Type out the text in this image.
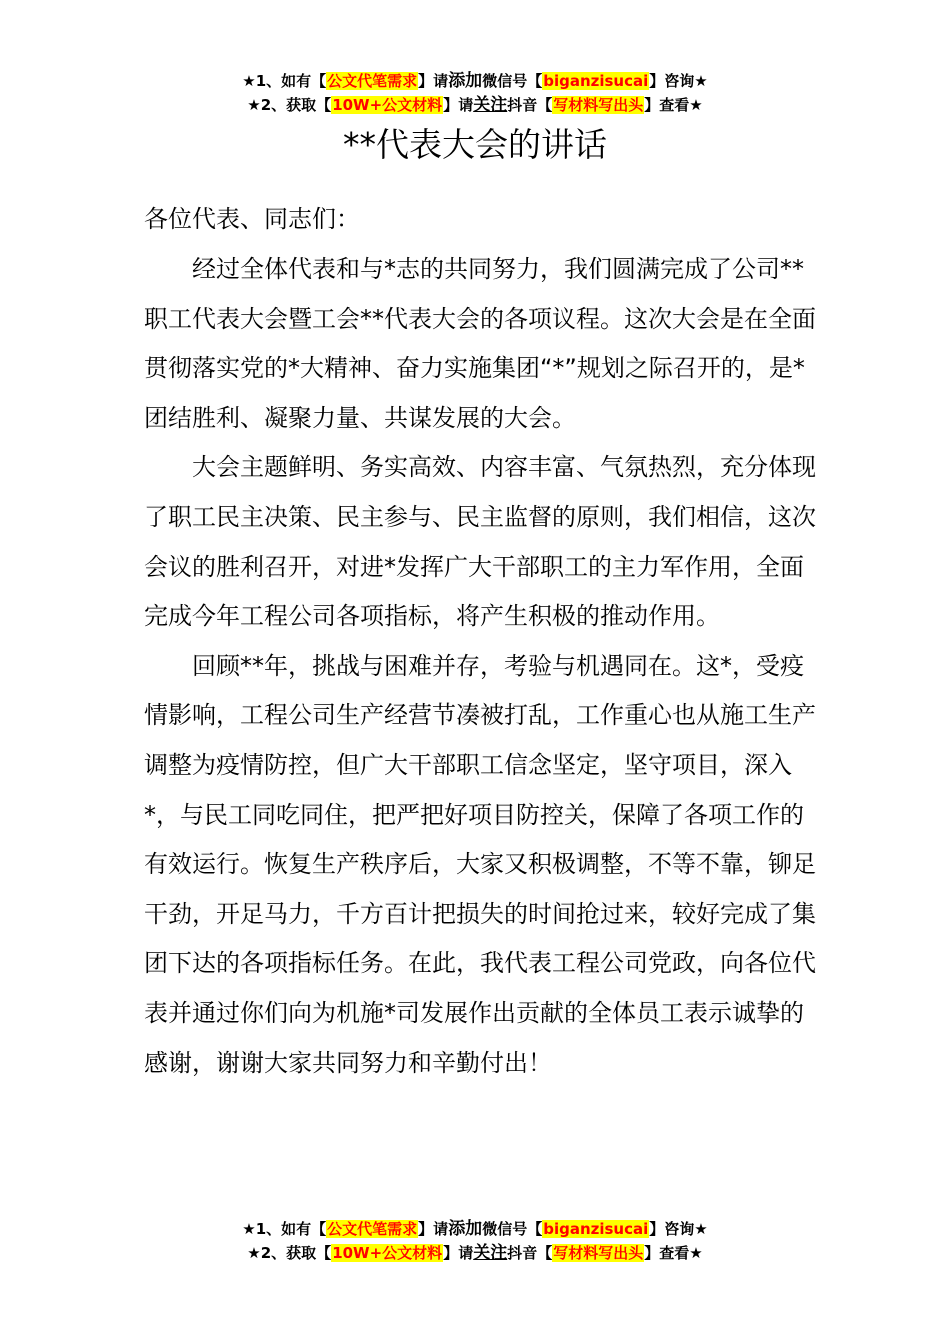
★1、如有【公文代笔需求】请添加微信号【biganzisucai】咨询★
★2、获取【10W+公文材料】请关注抖音【写材料写出头】查看★
**代表大会的讲话
各位代表、同志们：

经过全体代表和与*志的共同努力，我们圆满完成了公司**职工代表大会暨工会**代表大会的各项议程。这次大会是在全面贯彻落实党的*大精神、奋力实施集团“*”规划之际召开的，是*团结胜利、凝聚力量、共谋发展的大会。

大会主题鲜明、务实高效、内容丰富、气氛热烈，充分体现了职工民主决策、民主参与、民主监督的原则，我们相信，这次会议的胜利召开，对进*发挥广大干部职工的主力军作用，全面完成今年工程公司各项指标，将产生积极的推动作用。

回顾**年，挑战与困难并存，考验与机遇同在。这*，受疫情影响，工程公司生产经营节凑被打乱，工作重心也从施工生产调整为疫情防控，但广大干部职工信念坚定，坚守项目，深入*，与民工同吃同住，把严把好项目防控关，保障了各项工作的有效运行。恢复生产秩序后，大家又积极调整，不等不靠，铆足干劲，开足马力，千方百计把损失的时间抢过来，较好完成了集团下达的各项指标任务。在此，我代表工程公司党政，向各位代表并通过你们向为机施*司发展作出贡献的全体员工表示诚挚的感谢，谢谢大家共同努力和辛勤付出！

★1、如有【公文代笔需求】请添加微信号【biganzisucai】咨询★
★2、获取【10W+公文材料】请关注抖音【写材料写出头】查看★
